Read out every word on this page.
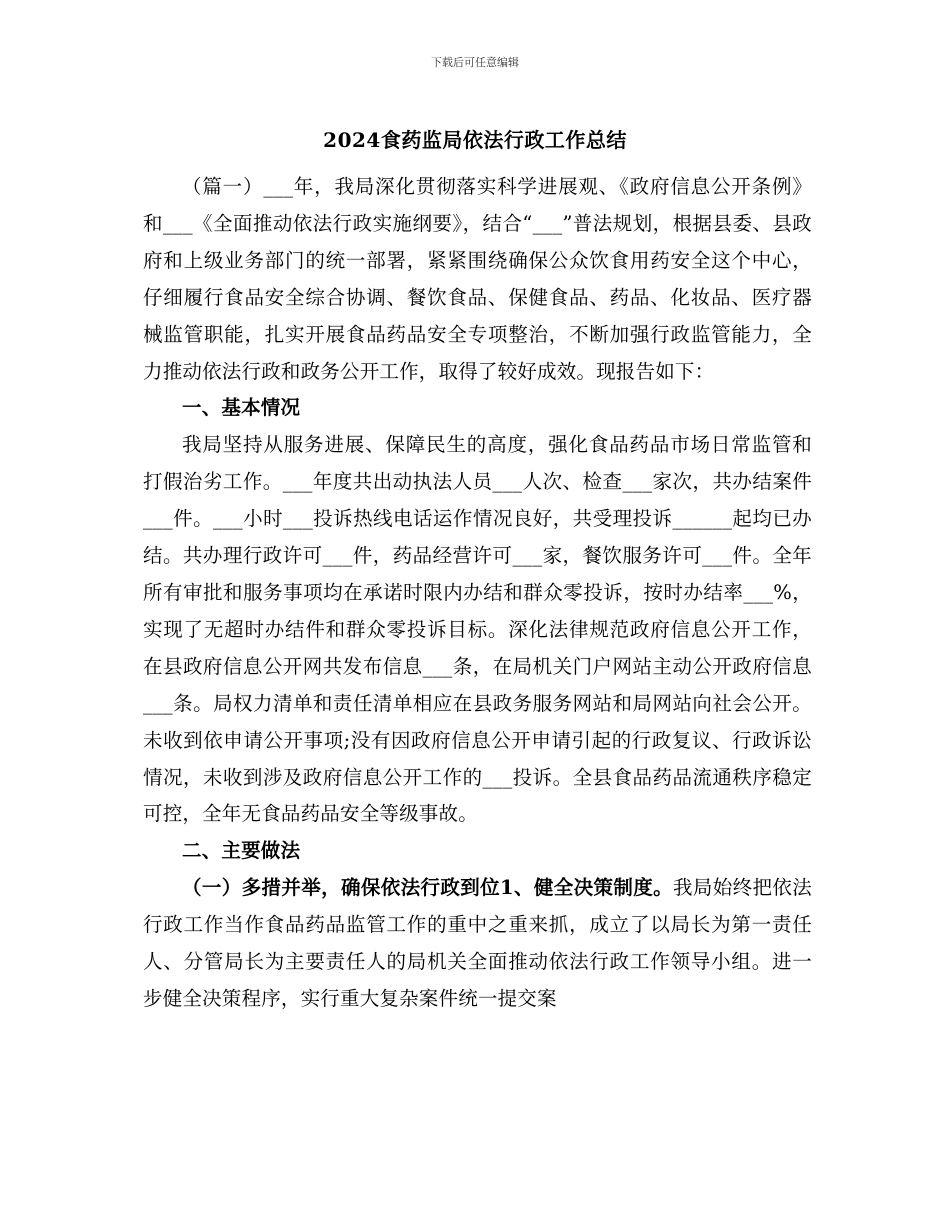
下载后可任意编辑
2024食药监局依法行政工作总结

（篇一）___年，我局深化贯彻落实科学进展观、《政府信息公开条例》和___《全面推动依法行政实施纲要》，结合“___”普法规划，根据县委、县政府和上级业务部门的统一部署，紧紧围绕确保公众饮食用药安全这个中心，仔细履行食品安全综合协调、餐饮食品、保健食品、药品、化妆品、医疗器械监管职能，扎实开展食品药品安全专项整治，不断加强行政监管能力，全力推动依法行政和政务公开工作，取得了较好成效。现报告如下：

一、基本情况

我局坚持从服务进展、保障民生的高度，强化食品药品市场日常监管和打假治劣工作。___年度共出动执法人员___人次、检查___家次，共办结案件___件。___小时___投诉热线电话运作情况良好，共受理投诉______起均已办结。共办理行政许可___件，药品经营许可___家，餐饮服务许可___件。全年所有审批和服务事项均在承诺时限内办结和群众零投诉，按时办结率___%，实现了无超时办结件和群众零投诉目标。深化法律规范政府信息公开工作，在县政府信息公开网共发布信息___条，在局机关门户网站主动公开政府信息___条。局权力清单和责任清单相应在县政务服务网站和局网站向社会公开。未收到依申请公开事项;没有因政府信息公开申请引起的行政复议、行政诉讼情况，未收到涉及政府信息公开工作的___投诉。全县食品药品流通秩序稳定可控，全年无食品药品安全等级事故。

二、主要做法

（一）多措并举，确保依法行政到位1、健全决策制度。我局始终把依法行政工作当作食品药品监管工作的重中之重来抓，成立了以局长为第一责任人、分管局长为主要责任人的局机关全面推动依法行政工作领导小组。进一步健全决策程序，实行重大复杂案件统一提交案
